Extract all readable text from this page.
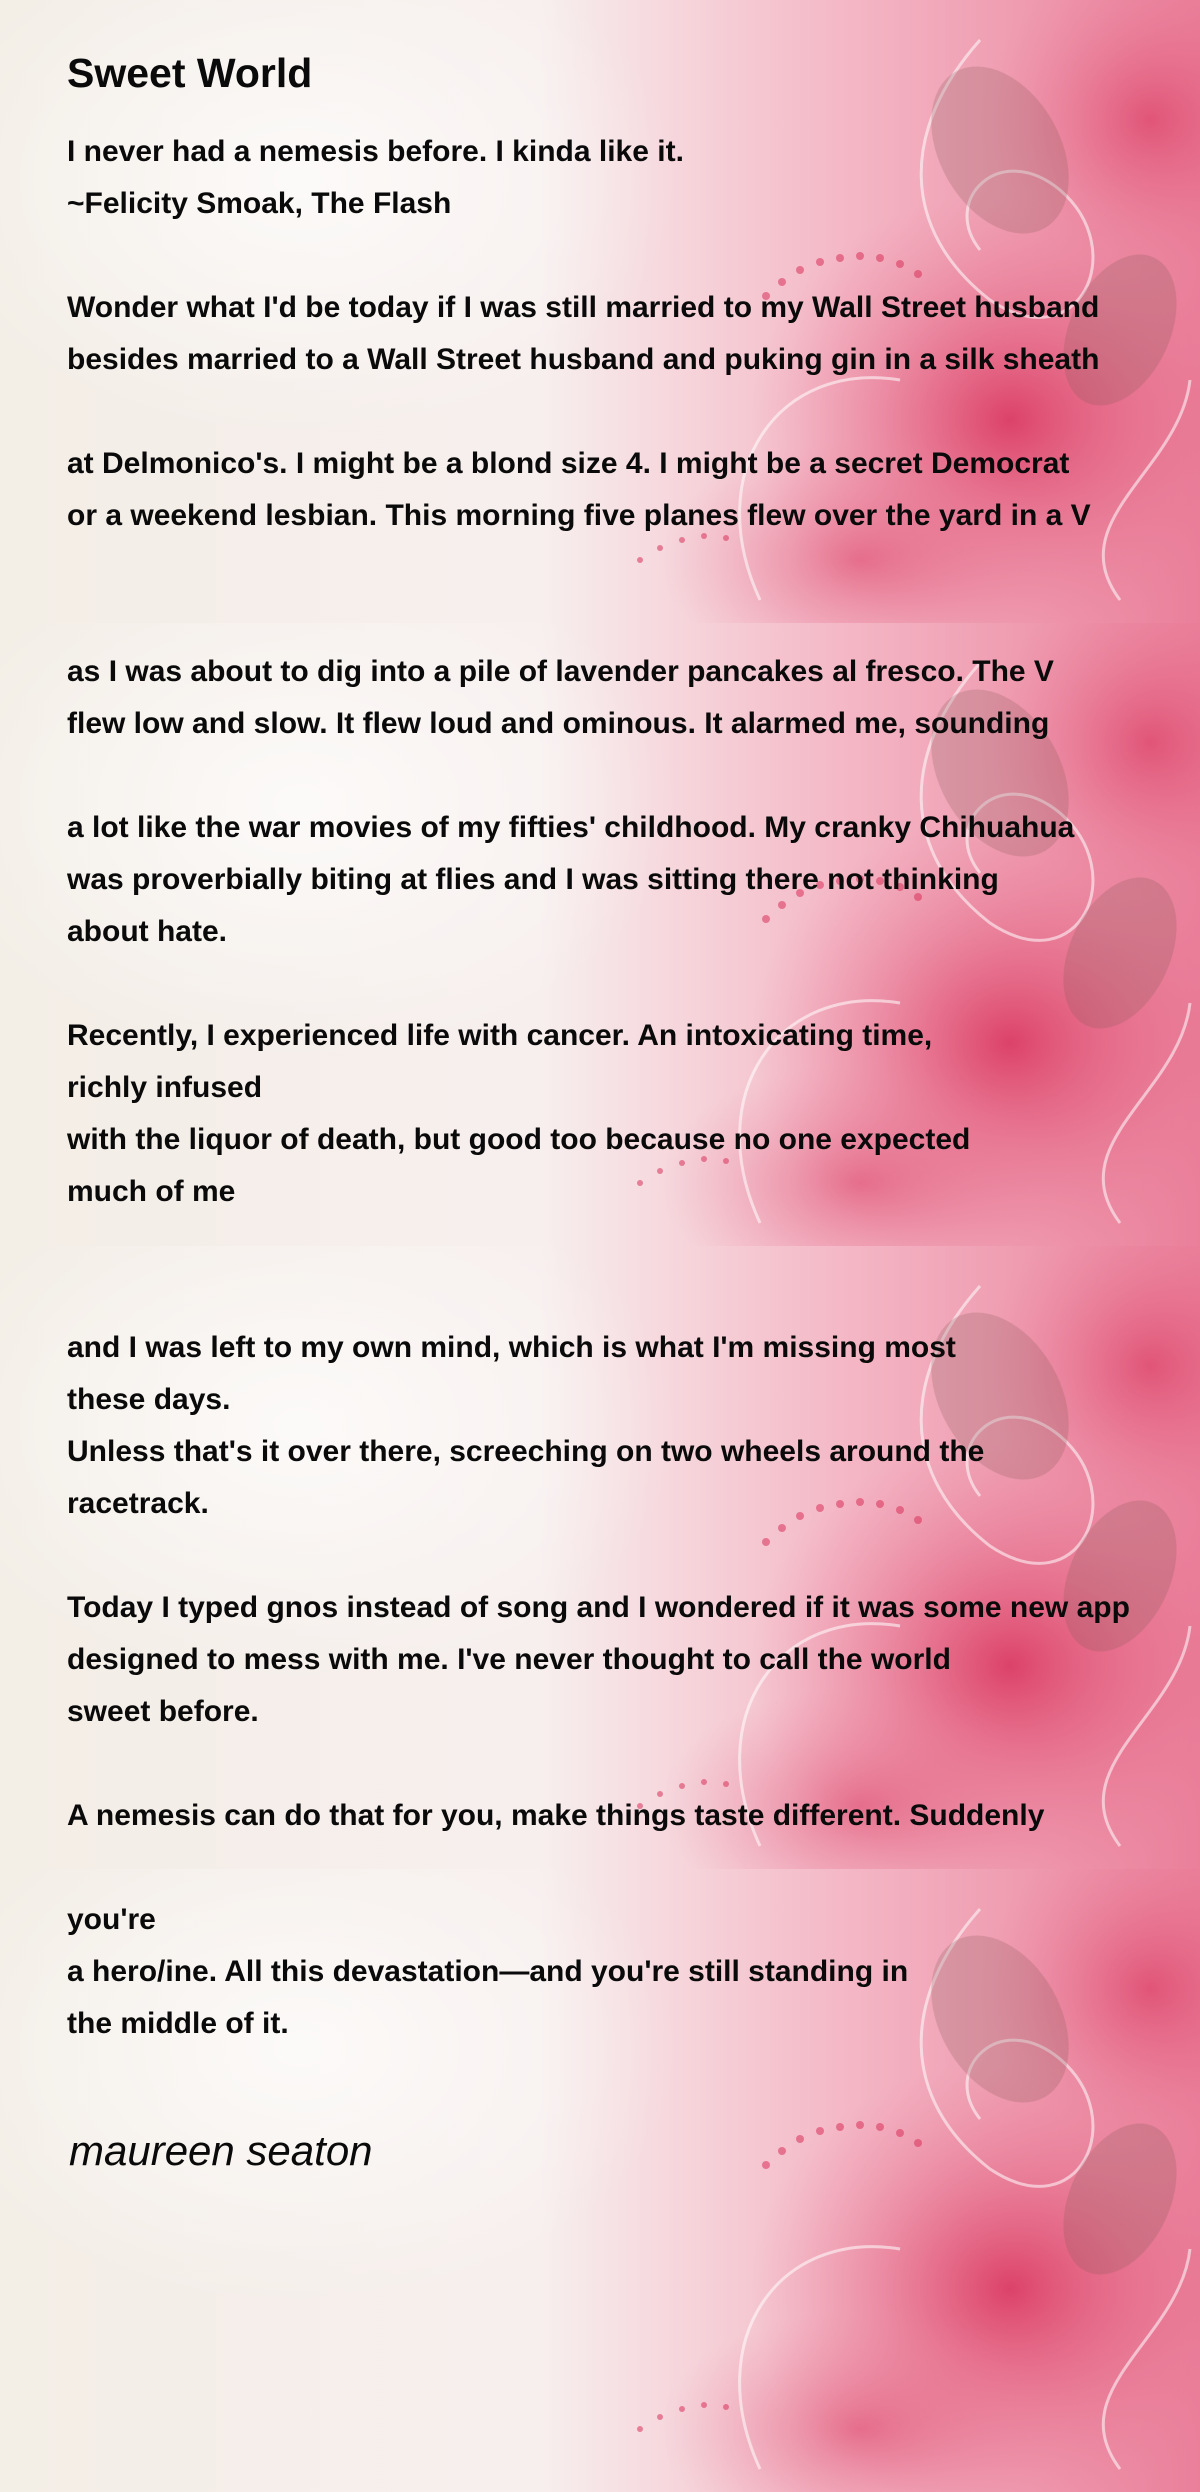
Sweet World
I never had a nemesis before. I kinda like it.
~Felicity Smoak, The Flash
Wonder what I'd be today if I was still married to my Wall Street husband
besides married to a Wall Street husband and puking gin in a silk sheath
at Delmonico's. I might be a blond size 4. I might be a secret Democrat
or a weekend lesbian. This morning five planes flew over the yard in a V
as I was about to dig into a pile of lavender pancakes al fresco. The V
flew low and slow. It flew loud and ominous. It alarmed me, sounding
a lot like the war movies of my fifties' childhood. My cranky Chihuahua
was proverbially biting at flies and I was sitting there not thinking
about hate.
Recently, I experienced life with cancer. An intoxicating time,
richly infused
with the liquor of death, but good too because no one expected
much of me
and I was left to my own mind, which is what I'm missing most
these days.
Unless that's it over there, screeching on two wheels around the
racetrack.
Today I typed gnos instead of song and I wondered if it was some new app
designed to mess with me. I've never thought to call the world
sweet before.
A nemesis can do that for you, make things taste different. Suddenly
you're
a hero/ine. All this devastation—and you're still standing in
the middle of it.
maureen seaton
